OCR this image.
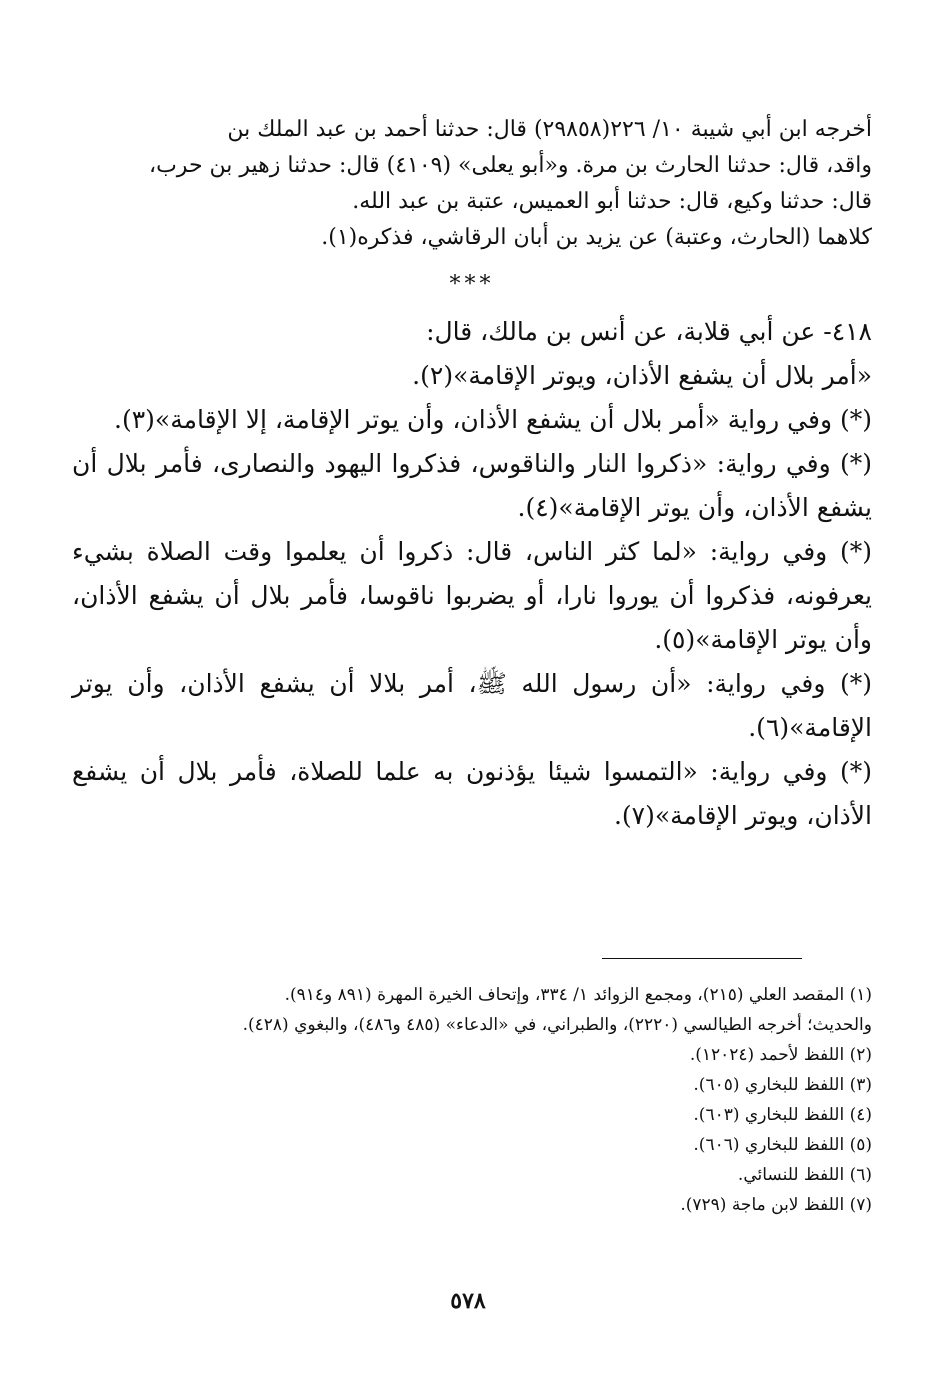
أخرجه ابن أبي شيبة ١٠/ ٢٢٦(٢٩٨٥٨) قال: حدثنا أحمد بن عبد الملك بن

واقد، قال: حدثنا الحارث بن مرة. و«أبو يعلى» (٤١٠٩) قال: حدثنا زهير بن حرب،

قال: حدثنا وكيع، قال: حدثنا أبو العميس، عتبة بن عبد الله.

كلاهما (الحارث، وعتبة) عن يزيد بن أبان الرقاشي، فذكره(١).

***

٤١٨- عن أبي قلابة، عن أنس بن مالك، قال:

«أمر بلال أن يشفع الأذان، ويوتر الإقامة»(٢).

(*) وفي رواية «أمر بلال أن يشفع الأذان، وأن يوتر الإقامة، إلا الإقامة»(٣).

(*) وفي رواية: «ذكروا النار والناقوس، فذكروا اليهود والنصارى، فأمر بلال أن يشفع الأذان، وأن يوتر الإقامة»(٤).

(*) وفي رواية: «لما كثر الناس، قال: ذكروا أن يعلموا وقت الصلاة بشيء يعرفونه، فذكروا أن يوروا نارا، أو يضربوا ناقوسا، فأمر بلال أن يشفع الأذان، وأن يوتر الإقامة»(٥).

(*) وفي رواية: «أن رسول الله ﷺ، أمر بلالا أن يشفع الأذان، وأن يوتر الإقامة»(٦).

(*) وفي رواية: «التمسوا شيئا يؤذنون به علما للصلاة، فأمر بلال أن يشفع الأذان، ويوتر الإقامة»(٧).

(١) المقصد العلي (٢١٥)، ومجمع الزوائد ١/ ٣٣٤، وإتحاف الخيرة المهرة (٨٩١ و٩١٤).

والحديث؛ أخرجه الطيالسي (٢٢٢٠)، والطبراني، في «الدعاء» (٤٨٥ و٤٨٦)، والبغوي (٤٢٨).

(٢) اللفظ لأحمد (١٢٠٢٤).

(٣) اللفظ للبخاري (٦٠٥).

(٤) اللفظ للبخاري (٦٠٣).

(٥) اللفظ للبخاري (٦٠٦).

(٦) اللفظ للنسائي.

(٧) اللفظ لابن ماجة (٧٢٩).

٥٧٨
